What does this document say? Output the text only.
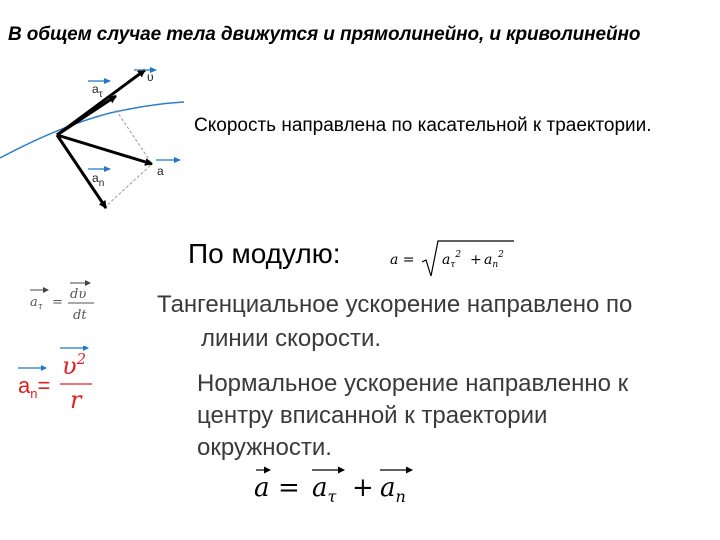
В общем случае тела движутся и прямолинейно, и криволинейно
υ
$a_\tau$
$a_n$
a
Скорость направлена по касательной к траектории.
По модулю:	$a = a_\tau^2 + a_n^2$
$a_\tau$ =
dυ
dt
$a_n=$
$\upsilon^2$
r
Тангенциальное ускорение направлено по
линии скорости.
Нормальное ускорение направленно к
центру вписанной к траектории
окружности.
$a = a_\tau + a_n$
